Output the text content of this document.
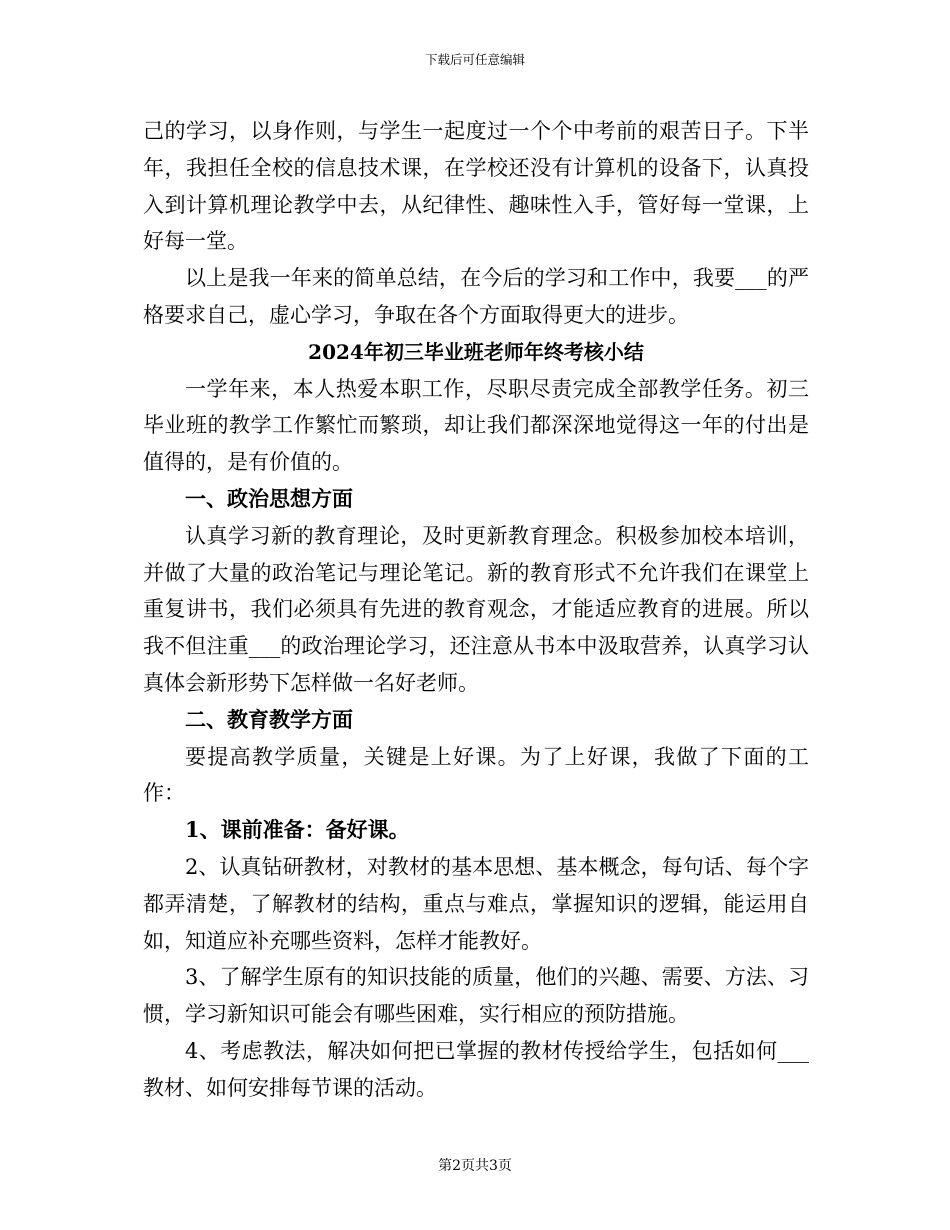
下载后可任意编辑

己的学习，以身作则，与学生一起度过一个个中考前的艰苦日子。下半年，我担任全校的信息技术课，在学校还没有计算机的设备下，认真投入到计算机理论教学中去，从纪律性、趣味性入手，管好每一堂课，上好每一堂。

以上是我一年来的简单总结，在今后的学习和工作中，我要___的严格要求自己，虚心学习，争取在各个方面取得更大的进步。

2024年初三毕业班老师年终考核小结

一学年来，本人热爱本职工作，尽职尽责完成全部教学任务。初三毕业班的教学工作繁忙而繁琐，却让我们都深深地觉得这一年的付出是值得的，是有价值的。

一、政治思想方面

认真学习新的教育理论，及时更新教育理念。积极参加校本培训，并做了大量的政治笔记与理论笔记。新的教育形式不允许我们在课堂上重复讲书，我们必须具有先进的教育观念，才能适应教育的进展。所以我不但注重___的政治理论学习，还注意从书本中汲取营养，认真学习认真体会新形势下怎样做一名好老师。

二、教育教学方面

要提高教学质量，关键是上好课。为了上好课，我做了下面的工作：

1、课前准备：备好课。

2、认真钻研教材，对教材的基本思想、基本概念，每句话、每个字都弄清楚，了解教材的结构，重点与难点，掌握知识的逻辑，能运用自如，知道应补充哪些资料，怎样才能教好。

3、了解学生原有的知识技能的质量，他们的兴趣、需要、方法、习惯，学习新知识可能会有哪些困难，实行相应的预防措施。

4、考虑教法，解决如何把已掌握的教材传授给学生，包括如何___教材、如何安排每节课的活动。

第2页共3页
